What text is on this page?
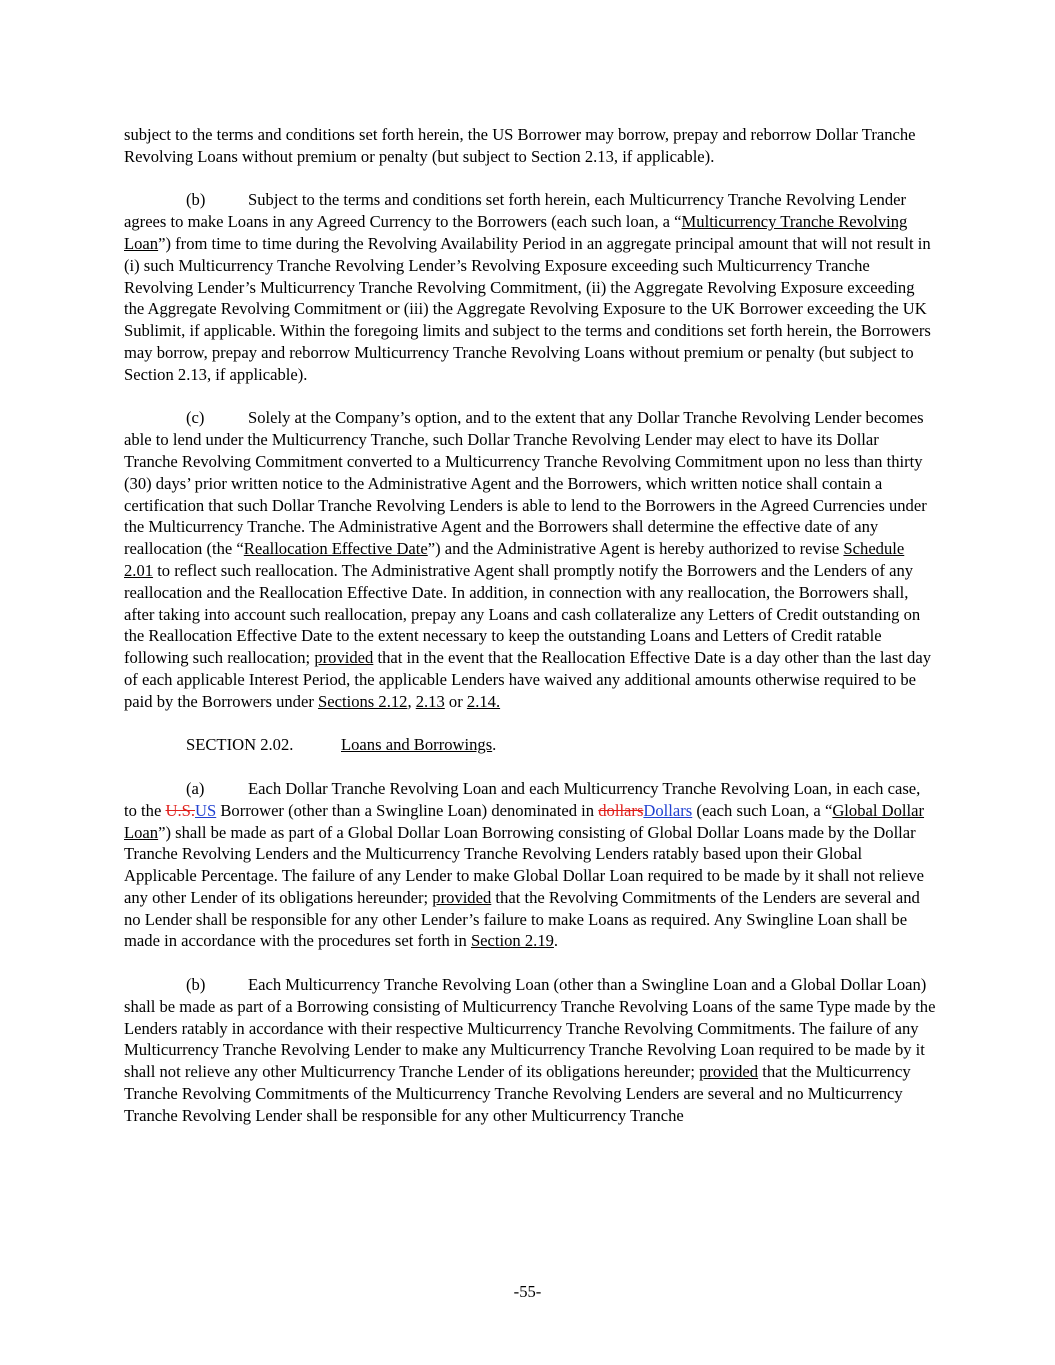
subject to the terms and conditions set forth herein, the US Borrower may borrow, prepay and reborrow Dollar Tranche Revolving Loans without premium or penalty (but subject to Section 2.13, if applicable).

(b)	Subject to the terms and conditions set forth herein, each Multicurrency Tranche Revolving Lender agrees to make Loans in any Agreed Currency to the Borrowers (each such loan, a “Multicurrency Tranche Revolving Loan”) from time to time during the Revolving Availability Period in an aggregate principal amount that will not result in (i) such Multicurrency Tranche Revolving Lender’s Revolving Exposure exceeding such Multicurrency Tranche Revolving Lender’s Multicurrency Tranche Revolving Commitment, (ii) the Aggregate Revolving Exposure exceeding the Aggregate Revolving Commitment or (iii) the Aggregate Revolving Exposure to the UK Borrower exceeding the UK Sublimit, if applicable. Within the foregoing limits and subject to the terms and conditions set forth herein, the Borrowers may borrow, prepay and reborrow Multicurrency Tranche Revolving Loans without premium or penalty (but subject to Section 2.13, if applicable).

(c)	Solely at the Company’s option, and to the extent that any Dollar Tranche Revolving Lender becomes able to lend under the Multicurrency Tranche, such Dollar Tranche Revolving Lender may elect to have its Dollar Tranche Revolving Commitment converted to a Multicurrency Tranche Revolving Commitment upon no less than thirty (30) days’ prior written notice to the Administrative Agent and the Borrowers, which written notice shall contain a certification that such Dollar Tranche Revolving Lenders is able to lend to the Borrowers in the Agreed Currencies under the Multicurrency Tranche. The Administrative Agent and the Borrowers shall determine the effective date of any reallocation (the “Reallocation Effective Date”) and the Administrative Agent is hereby authorized to revise Schedule 2.01 to reflect such reallocation. The Administrative Agent shall promptly notify the Borrowers and the Lenders of any reallocation and the Reallocation Effective Date. In addition, in connection with any reallocation, the Borrowers shall, after taking into account such reallocation, prepay any Loans and cash collateralize any Letters of Credit outstanding on the Reallocation Effective Date to the extent necessary to keep the outstanding Loans and Letters of Credit ratable following such reallocation; provided that in the event that the Reallocation Effective Date is a day other than the last day of each applicable Interest Period, the applicable Lenders have waived any additional amounts otherwise required to be paid by the Borrowers under Sections 2.12, 2.13 or 2.14.

SECTION 2.02.	Loans and Borrowings.

(a)	Each Dollar Tranche Revolving Loan and each Multicurrency Tranche Revolving Loan, in each case, to the U.S.US Borrower (other than a Swingline Loan) denominated in dollarsDollars (each such Loan, a “Global Dollar Loan”) shall be made as part of a Global Dollar Loan Borrowing consisting of Global Dollar Loans made by the Dollar Tranche Revolving Lenders and the Multicurrency Tranche Revolving Lenders ratably based upon their Global Applicable Percentage. The failure of any Lender to make Global Dollar Loan required to be made by it shall not relieve any other Lender of its obligations hereunder; provided that the Revolving Commitments of the Lenders are several and no Lender shall be responsible for any other Lender’s failure to make Loans as required. Any Swingline Loan shall be made in accordance with the procedures set forth in Section 2.19.

(b)	Each Multicurrency Tranche Revolving Loan (other than a Swingline Loan and a Global Dollar Loan) shall be made as part of a Borrowing consisting of Multicurrency Tranche Revolving Loans of the same Type made by the Lenders ratably in accordance with their respective Multicurrency Tranche Revolving Commitments. The failure of any Multicurrency Tranche Revolving Lender to make any Multicurrency Tranche Revolving Loan required to be made by it shall not relieve any other Multicurrency Tranche Lender of its obligations hereunder; provided that the Multicurrency Tranche Revolving Commitments of the Multicurrency Tranche Revolving Lenders are several and no Multicurrency Tranche Revolving Lender shall be responsible for any other Multicurrency Tranche

-55-
